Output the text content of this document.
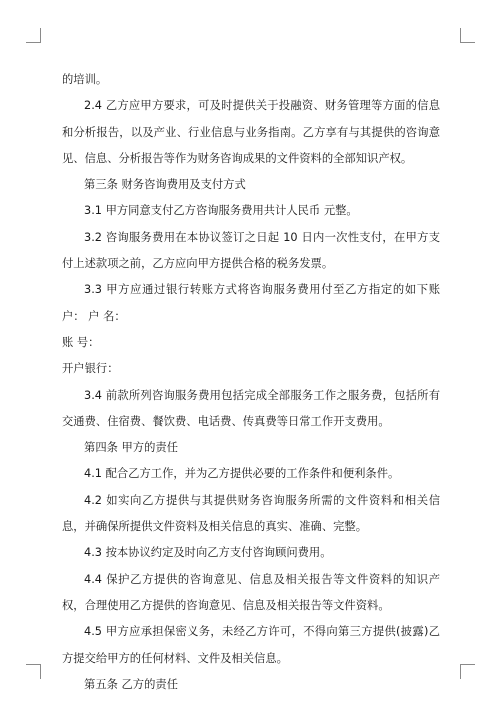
的培训。

2.4 乙方应甲方要求，可及时提供关于投融资、财务管理等方面的信息和分析报告，以及产业、行业信息与业务指南。乙方享有与其提供的咨询意见、信息、分析报告等作为财务咨询成果的文件资料的全部知识产权。

第三条 财务咨询费用及支付方式

3.1 甲方同意支付乙方咨询服务费用共计人民币 元整。

3.2 咨询服务费用在本协议签订之日起 10 日内一次性支付，在甲方支付上述款项之前，乙方应向甲方提供合格的税务发票。

3.3 甲方应通过银行转账方式将咨询服务费用付至乙方指定的如下账户： 户 名：

账 号：

开户银行：

3.4 前款所列咨询服务费用包括完成全部服务工作之服务费，包括所有交通费、住宿费、餐饮费、电话费、传真费等日常工作开支费用。

第四条 甲方的责任

4.1 配合乙方工作，并为乙方提供必要的工作条件和便利条件。

4.2 如实向乙方提供与其提供财务咨询服务所需的文件资料和相关信息，并确保所提供文件资料及相关信息的真实、准确、完整。

4.3 按本协议约定及时向乙方支付咨询顾问费用。

4.4 保护乙方提供的咨询意见、信息及相关报告等文件资料的知识产权，合理使用乙方提供的咨询意见、信息及相关报告等文件资料。

4.5 甲方应承担保密义务，未经乙方许可，不得向第三方提供(披露)乙方提交给甲方的任何材料、文件及相关信息。

第五条 乙方的责任
